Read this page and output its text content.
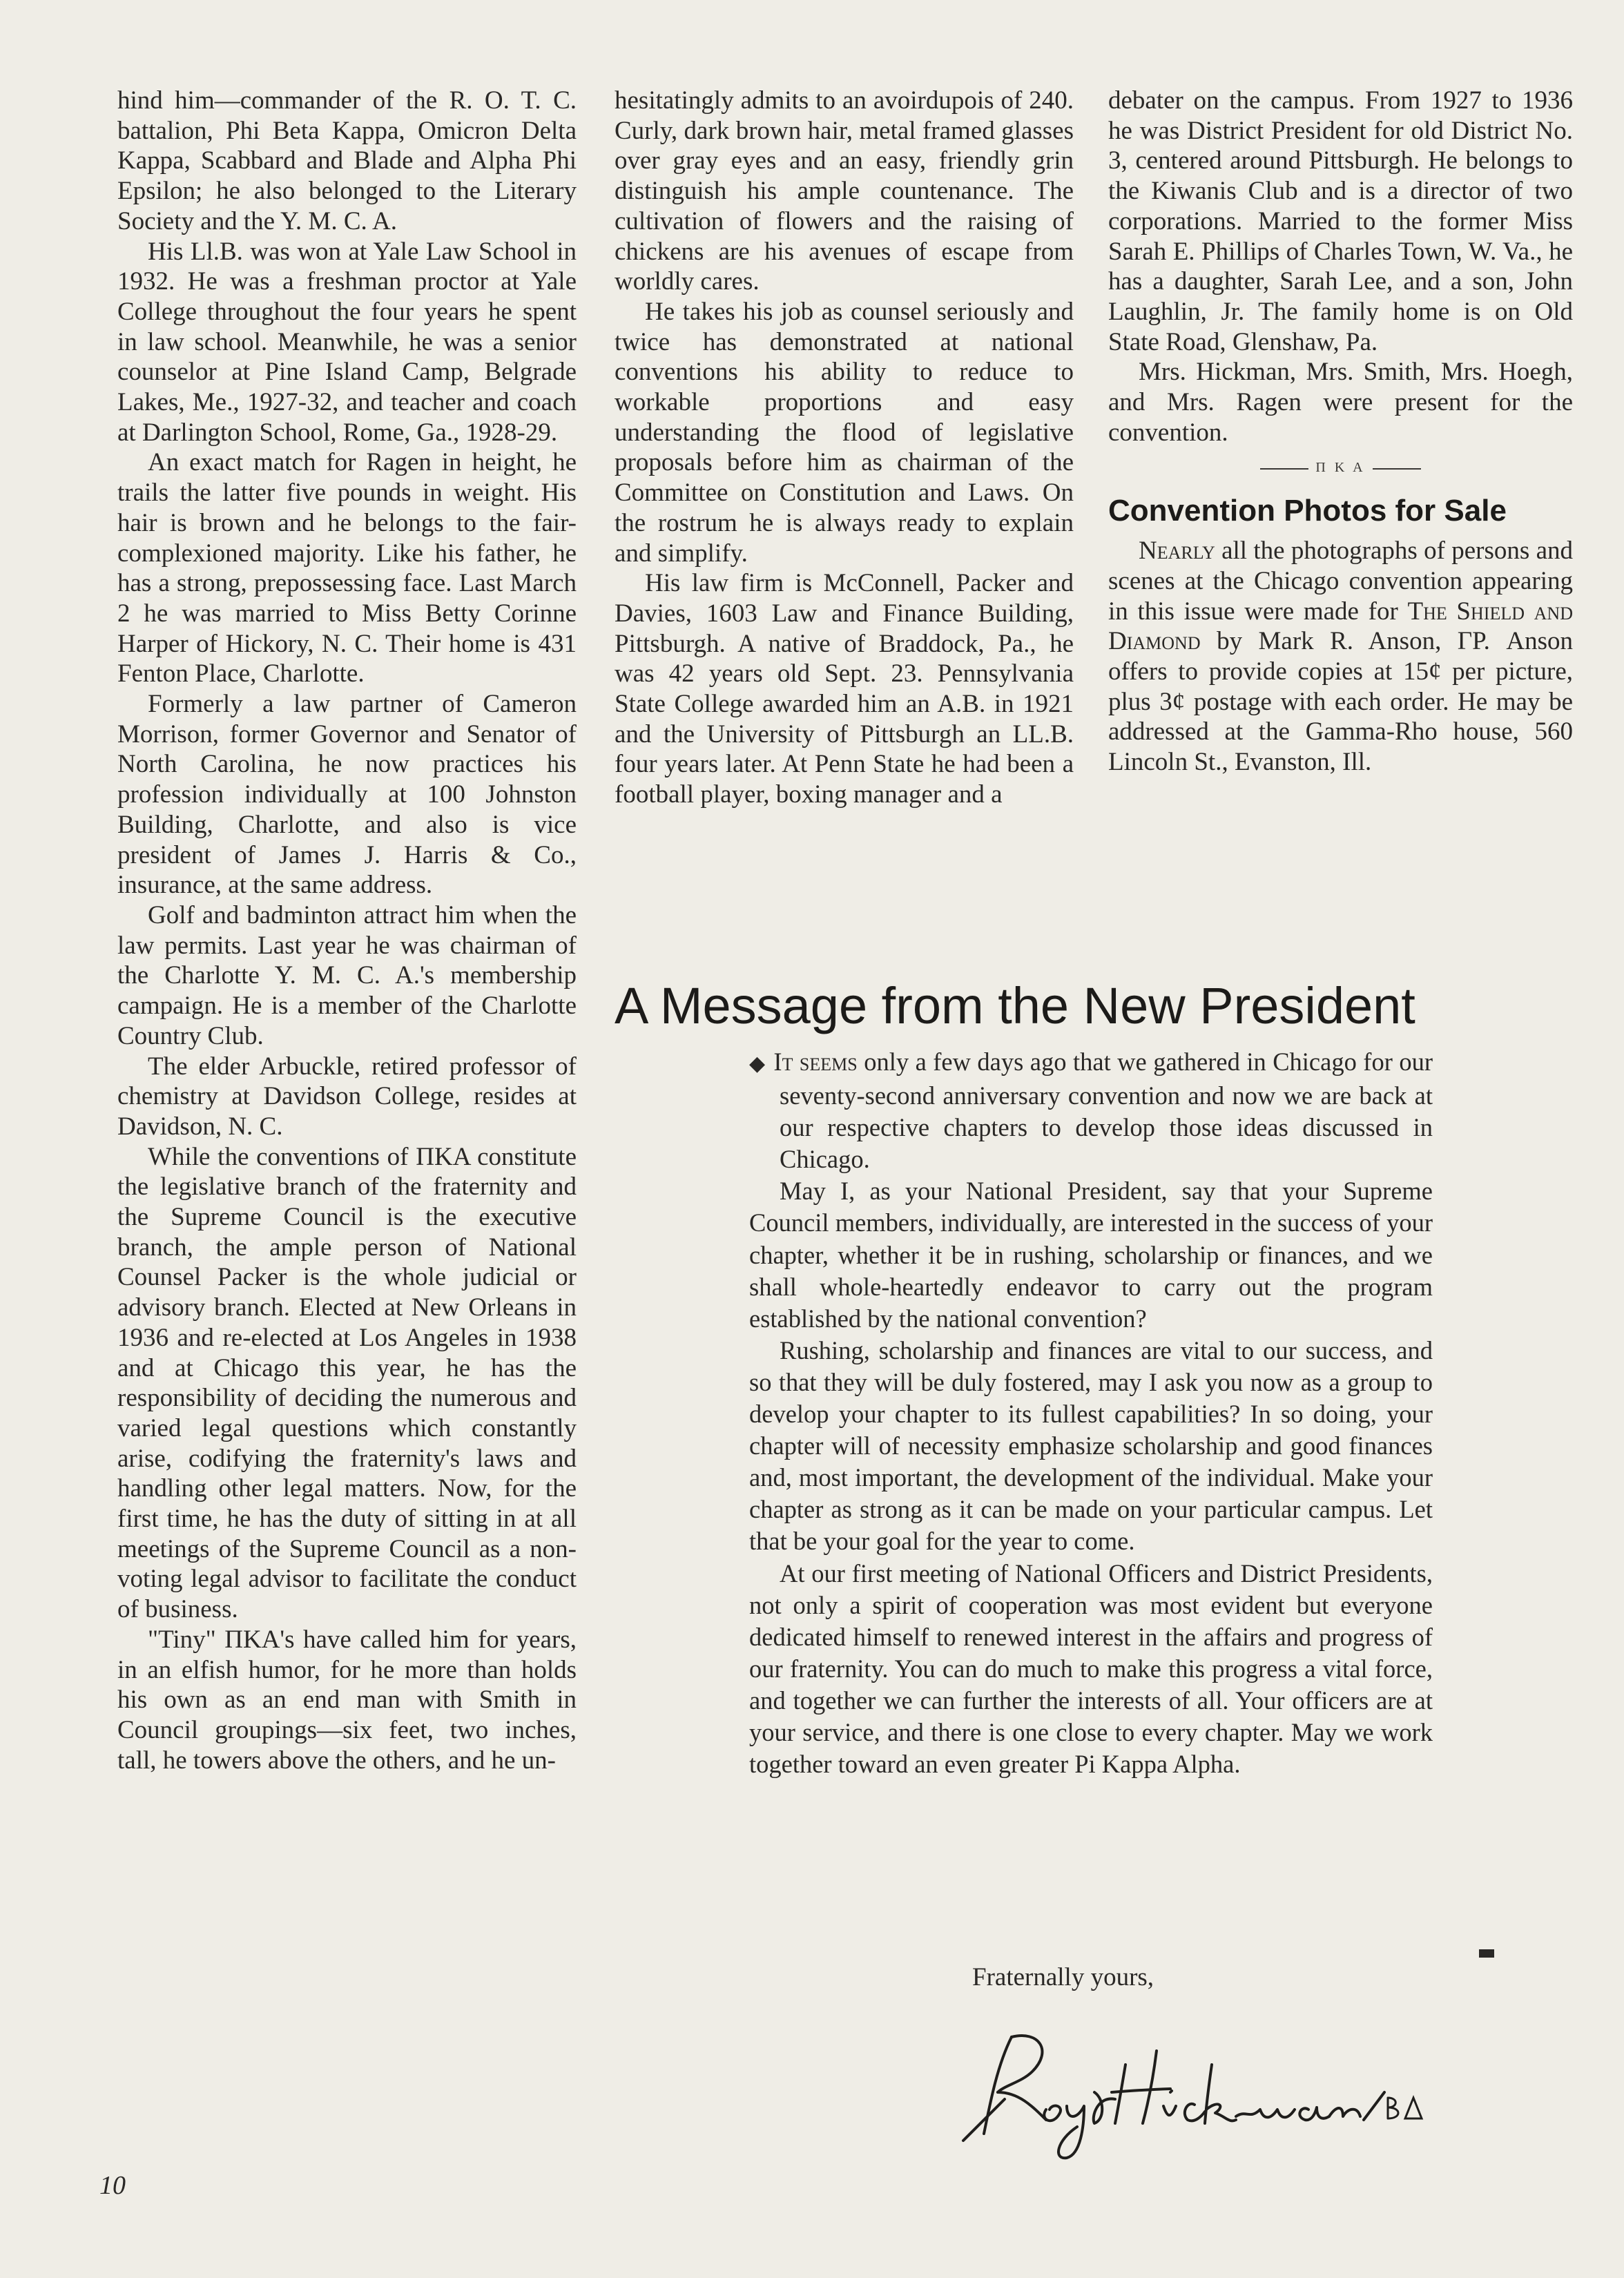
hind him—commander of the R. O. T. C. battalion, Phi Beta Kappa, Omicron Delta Kappa, Scabbard and Blade and Alpha Phi Epsilon; he also belonged to the Literary Society and the Y. M. C. A.

His Ll.B. was won at Yale Law School in 1932. He was a freshman proctor at Yale College throughout the four years he spent in law school. Meanwhile, he was a senior counselor at Pine Island Camp, Belgrade Lakes, Me., 1927-32, and teacher and coach at Darlington School, Rome, Ga., 1928-29.

An exact match for Ragen in height, he trails the latter five pounds in weight. His hair is brown and he belongs to the fair-complexioned majority. Like his father, he has a strong, prepossessing face. Last March 2 he was married to Miss Betty Corinne Harper of Hickory, N. C. Their home is 431 Fenton Place, Charlotte.

Formerly a law partner of Cameron Morrison, former Governor and Senator of North Carolina, he now practices his profession individually at 100 Johnston Building, Charlotte, and also is vice president of James J. Harris & Co., insurance, at the same address.

Golf and badminton attract him when the law permits. Last year he was chairman of the Charlotte Y. M. C. A.'s membership campaign. He is a member of the Charlotte Country Club.

The elder Arbuckle, retired professor of chemistry at Davidson College, resides at Davidson, N. C.

While the conventions of ΠKA constitute the legislative branch of the fraternity and the Supreme Council is the executive branch, the ample person of National Counsel Packer is the whole judicial or advisory branch. Elected at New Orleans in 1936 and re-elected at Los Angeles in 1938 and at Chicago this year, he has the responsibility of deciding the numerous and varied legal questions which constantly arise, codifying the fraternity's laws and handling other legal matters. Now, for the first time, he has the duty of sitting in at all meetings of the Supreme Council as a non-voting legal advisor to facilitate the conduct of business.

"Tiny" ΠKA's have called him for years, in an elfish humor, for he more than holds his own as an end man with Smith in Council groupings—six feet, two inches, tall, he towers above the others, and he un-

hesitatingly admits to an avoirdupois of 240. Curly, dark brown hair, metal framed glasses over gray eyes and an easy, friendly grin distinguish his ample countenance. The cultivation of flowers and the raising of chickens are his avenues of escape from worldly cares.

He takes his job as counsel seriously and twice has demonstrated at national conventions his ability to reduce to workable proportions and easy understanding the flood of legislative proposals before him as chairman of the Committee on Constitution and Laws. On the rostrum he is always ready to explain and simplify.

His law firm is McConnell, Packer and Davies, 1603 Law and Finance Building, Pittsburgh. A native of Braddock, Pa., he was 42 years old Sept. 23. Pennsylvania State College awarded him an A.B. in 1921 and the University of Pittsburgh an LL.B. four years later. At Penn State he had been a football player, boxing manager and a

debater on the campus. From 1927 to 1936 he was District President for old District No. 3, centered around Pittsburgh. He belongs to the Kiwanis Club and is a director of two corporations. Married to the former Miss Sarah E. Phillips of Charles Town, W. Va., he has a daughter, Sarah Lee, and a son, John Laughlin, Jr. The family home is on Old State Road, Glenshaw, Pa.

Mrs. Hickman, Mrs. Smith, Mrs. Hoegh, and Mrs. Ragen were present for the convention.

Π K A
Convention Photos for Sale

Nearly all the photographs of persons and scenes at the Chicago convention appearing in this issue were made for The Shield and Diamond by Mark R. Anson, ΓΡ. Anson offers to provide copies at 15¢ per picture, plus 3¢ postage with each order. He may be addressed at the Gamma-Rho house, 560 Lincoln St., Evanston, Ill.

A Message from the New President

◆ It seems only a few days ago that we gathered in Chicago for our seventy-second anniversary convention and now we are back at our respective chapters to develop those ideas discussed in Chicago.

May I, as your National President, say that your Supreme Council members, individually, are interested in the success of your chapter, whether it be in rushing, scholarship or finances, and we shall whole-heartedly endeavor to carry out the program established by the national convention?

Rushing, scholarship and finances are vital to our success, and so that they will be duly fostered, may I ask you now as a group to develop your chapter to its fullest capabilities? In so doing, your chapter will of necessity emphasize scholarship and good finances and, most important, the development of the individual. Make your chapter as strong as it can be made on your particular campus. Let that be your goal for the year to come.

At our first meeting of National Officers and District Presidents, not only a spirit of cooperation was most evident but everyone dedicated himself to renewed interest in the affairs and progress of our fraternity. You can do much to make this progress a vital force, and together we can further the interests of all. Your officers are at your service, and there is one close to every chapter. May we work together toward an even greater Pi Kappa Alpha.

Fraternally yours,
10
